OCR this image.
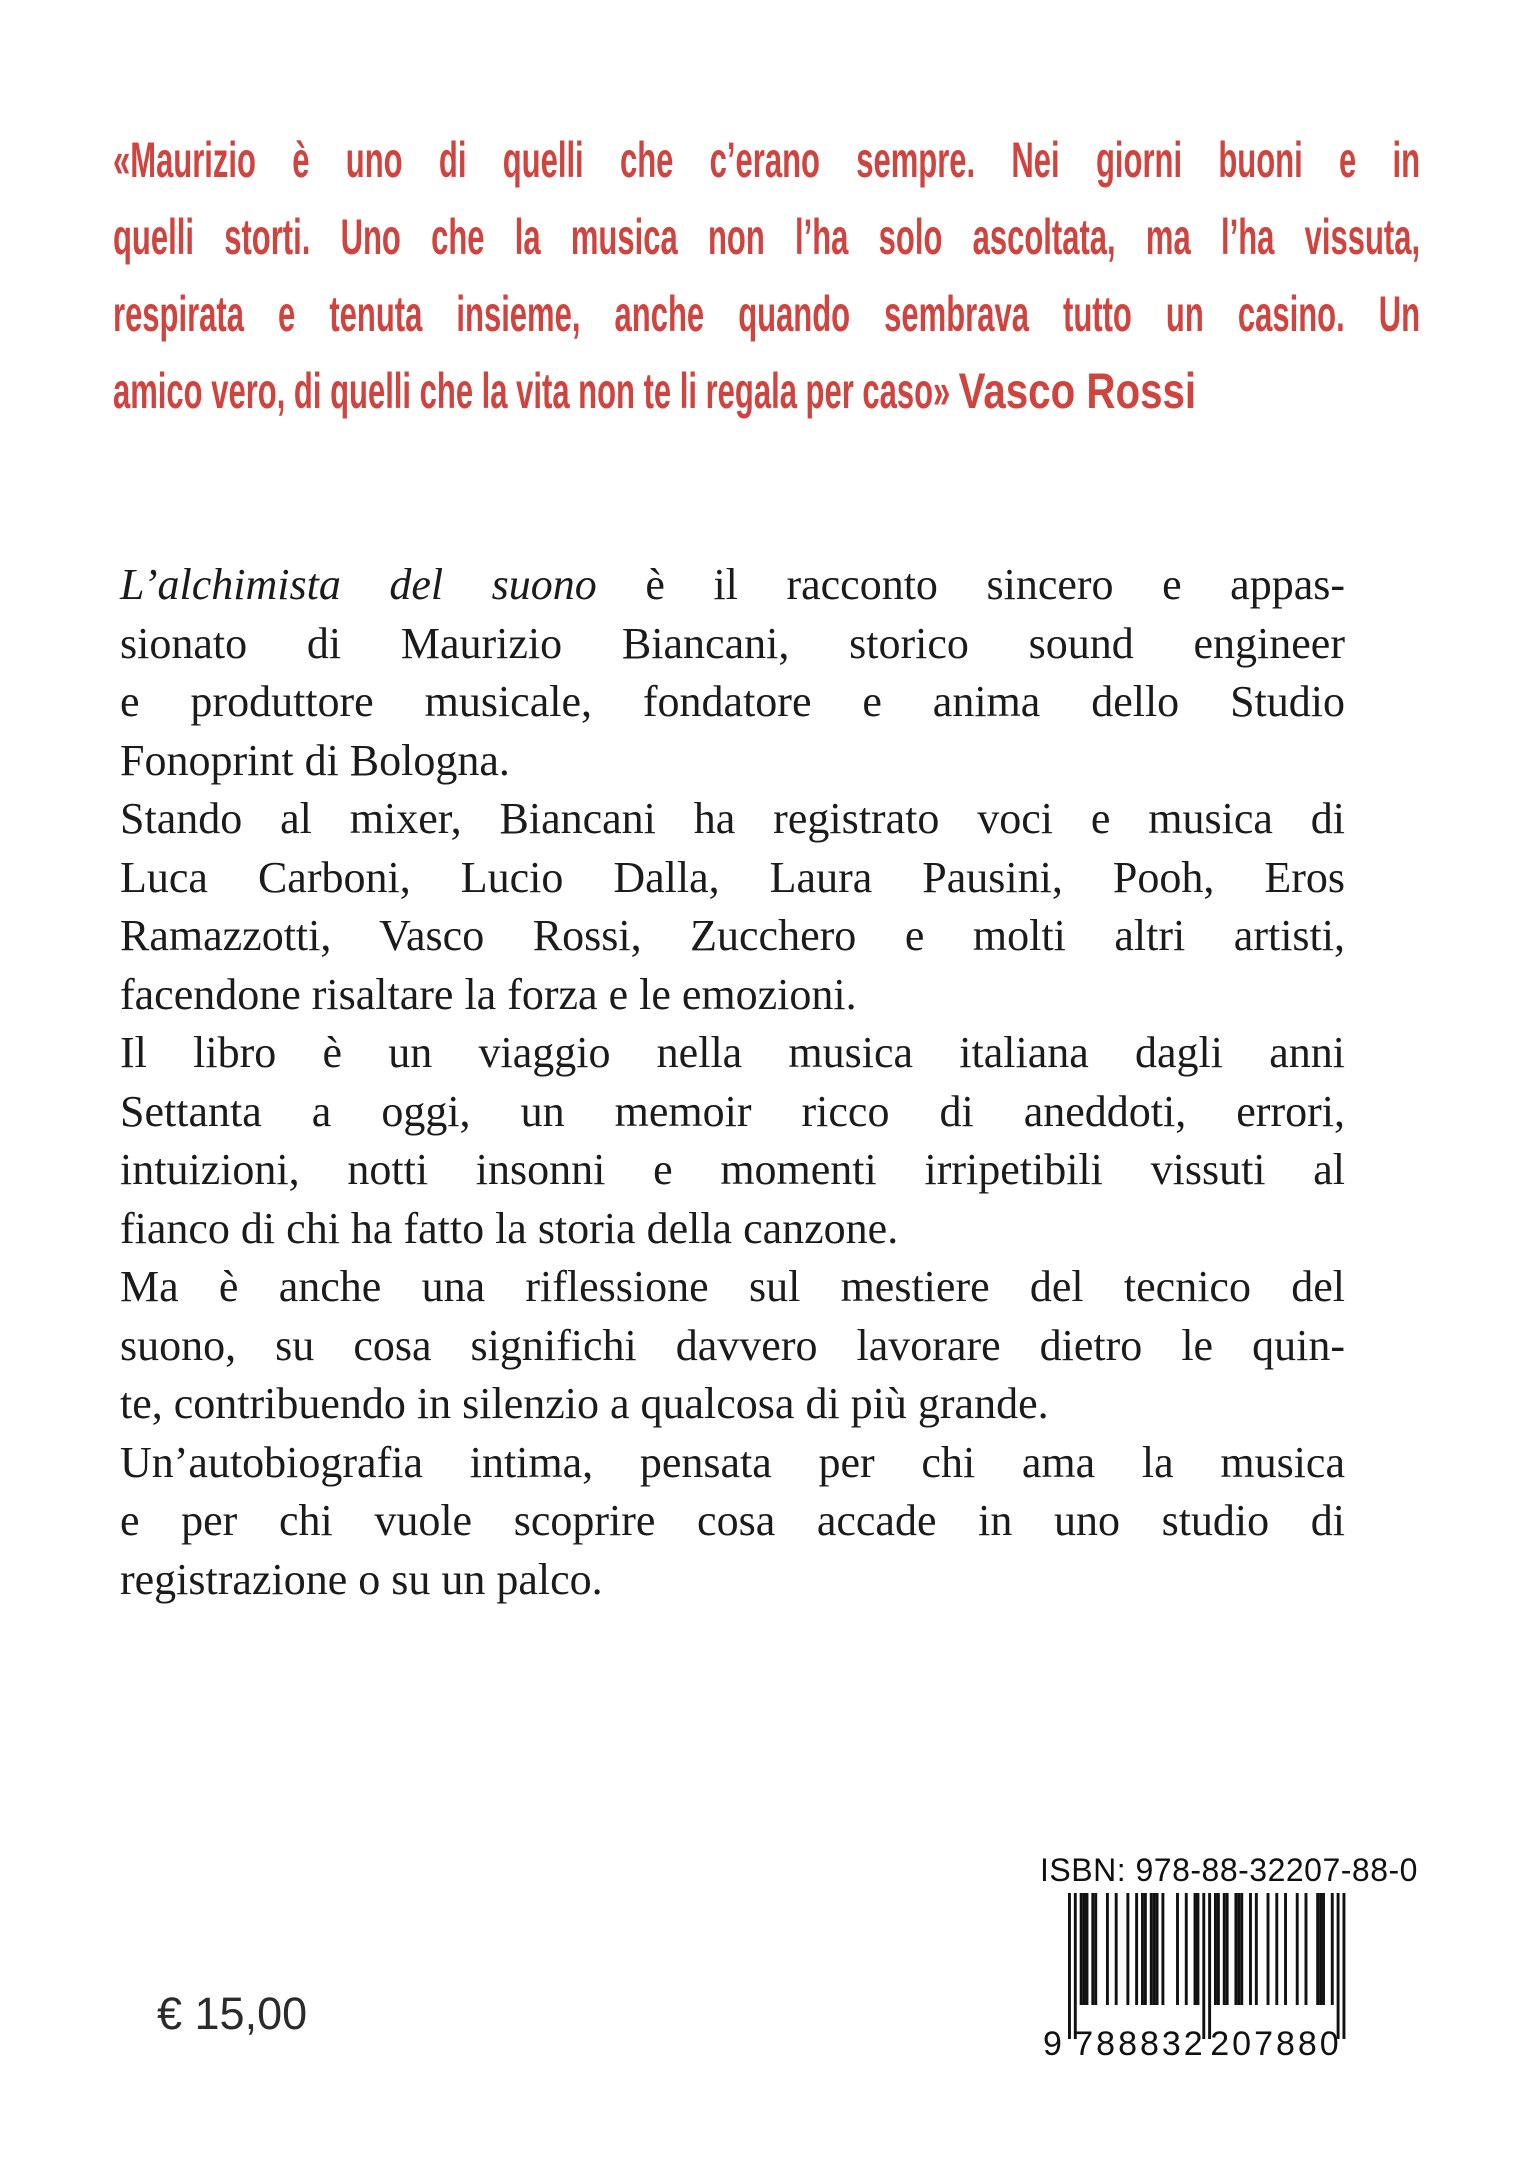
«Maurizio è uno di quelli che c’erano sempre. Nei giorni buoni e in
quelli storti. Uno che la musica non l’ha solo ascoltata, ma l’ha vissuta,
respirata e tenuta insieme, anche quando sembrava tutto un casino. Un
amico vero, di quelli che la vita non te li regala per caso» Vasco Rossi
L’alchimista del suono è il racconto sincero e appas-
sionato di Maurizio Biancani, storico sound engineer
e produttore musicale, fondatore e anima dello Studio
Fonoprint di Bologna.
Stando al mixer, Biancani ha registrato voci e musica di
Luca Carboni, Lucio Dalla, Laura Pausini, Pooh, Eros
Ramazzotti, Vasco Rossi, Zucchero e molti altri artisti,
facendone risaltare la forza e le emozioni.
Il libro è un viaggio nella musica italiana dagli anni
Settanta a oggi, un memoir ricco di aneddoti, errori,
intuizioni, notti insonni e momenti irripetibili vissuti al
fianco di chi ha fatto la storia della canzone.
Ma è anche una riflessione sul mestiere del tecnico del
suono, su cosa significhi davvero lavorare dietro le quin-
te, contribuendo in silenzio a qualcosa di più grande.
Un’autobiografia intima, pensata per chi ama la musica
e per chi vuole scoprire cosa accade in uno studio di
registrazione o su un palco.
€ 15,00
ISBN: 978-88-32207-88-0
9 788832 207880
